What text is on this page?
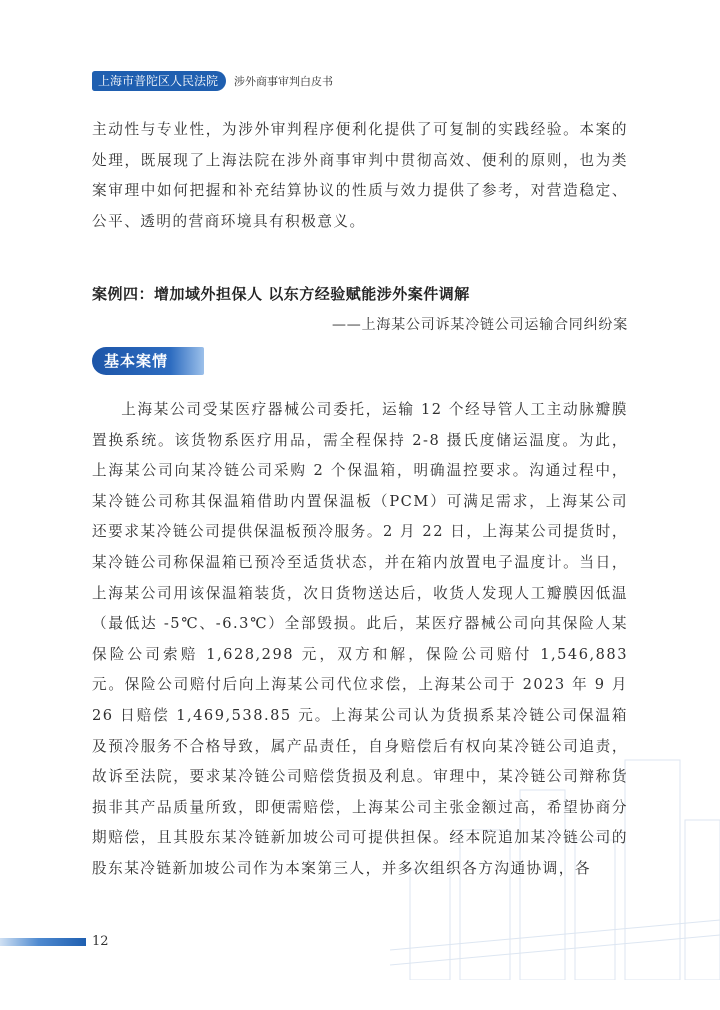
上海市普陀区人民法院	涉外商事审判白皮书

主动性与专业性，为涉外审判程序便利化提供了可复制的实践经验。本案的处理，既展现了上海法院在涉外商事审判中贯彻高效、便利的原则，也为类案审理中如何把握和补充结算协议的性质与效力提供了参考，对营造稳定、公平、透明的营商环境具有积极意义。

案例四：增加域外担保人 以东方经验赋能涉外案件调解
——上海某公司诉某冷链公司运输合同纠纷案
基本案情

上海某公司受某医疗器械公司委托，运输 12 个经导管人工主动脉瓣膜置换系统。该货物系医疗用品，需全程保持 2-8 摄氏度储运温度。为此，上海某公司向某冷链公司采购 2 个保温箱，明确温控要求。沟通过程中，某冷链公司称其保温箱借助内置保温板（PCM）可满足需求，上海某公司还要求某冷链公司提供保温板预冷服务。2 月 22 日，上海某公司提货时，某冷链公司称保温箱已预冷至适货状态，并在箱内放置电子温度计。当日，上海某公司用该保温箱装货，次日货物送达后，收货人发现人工瓣膜因低温（最低达 -5℃、-6.3℃）全部毁损。此后，某医疗器械公司向其保险人某保险公司索赔 1,628,298 元，双方和解，保险公司赔付 1,546,883 元。保险公司赔付后向上海某公司代位求偿，上海某公司于 2023 年 9 月 26 日赔偿 1,469,538.85 元。上海某公司认为货损系某冷链公司保温箱及预冷服务不合格导致，属产品责任，自身赔偿后有权向某冷链公司追责，故诉至法院，要求某冷链公司赔偿货损及利息。审理中，某冷链公司辩称货损非其产品质量所致，即便需赔偿，上海某公司主张金额过高，希望协商分期赔偿，且其股东某冷链新加坡公司可提供担保。经本院追加某冷链公司的股东某冷链新加坡公司作为本案第三人，并多次组织各方沟通协调，各

12
